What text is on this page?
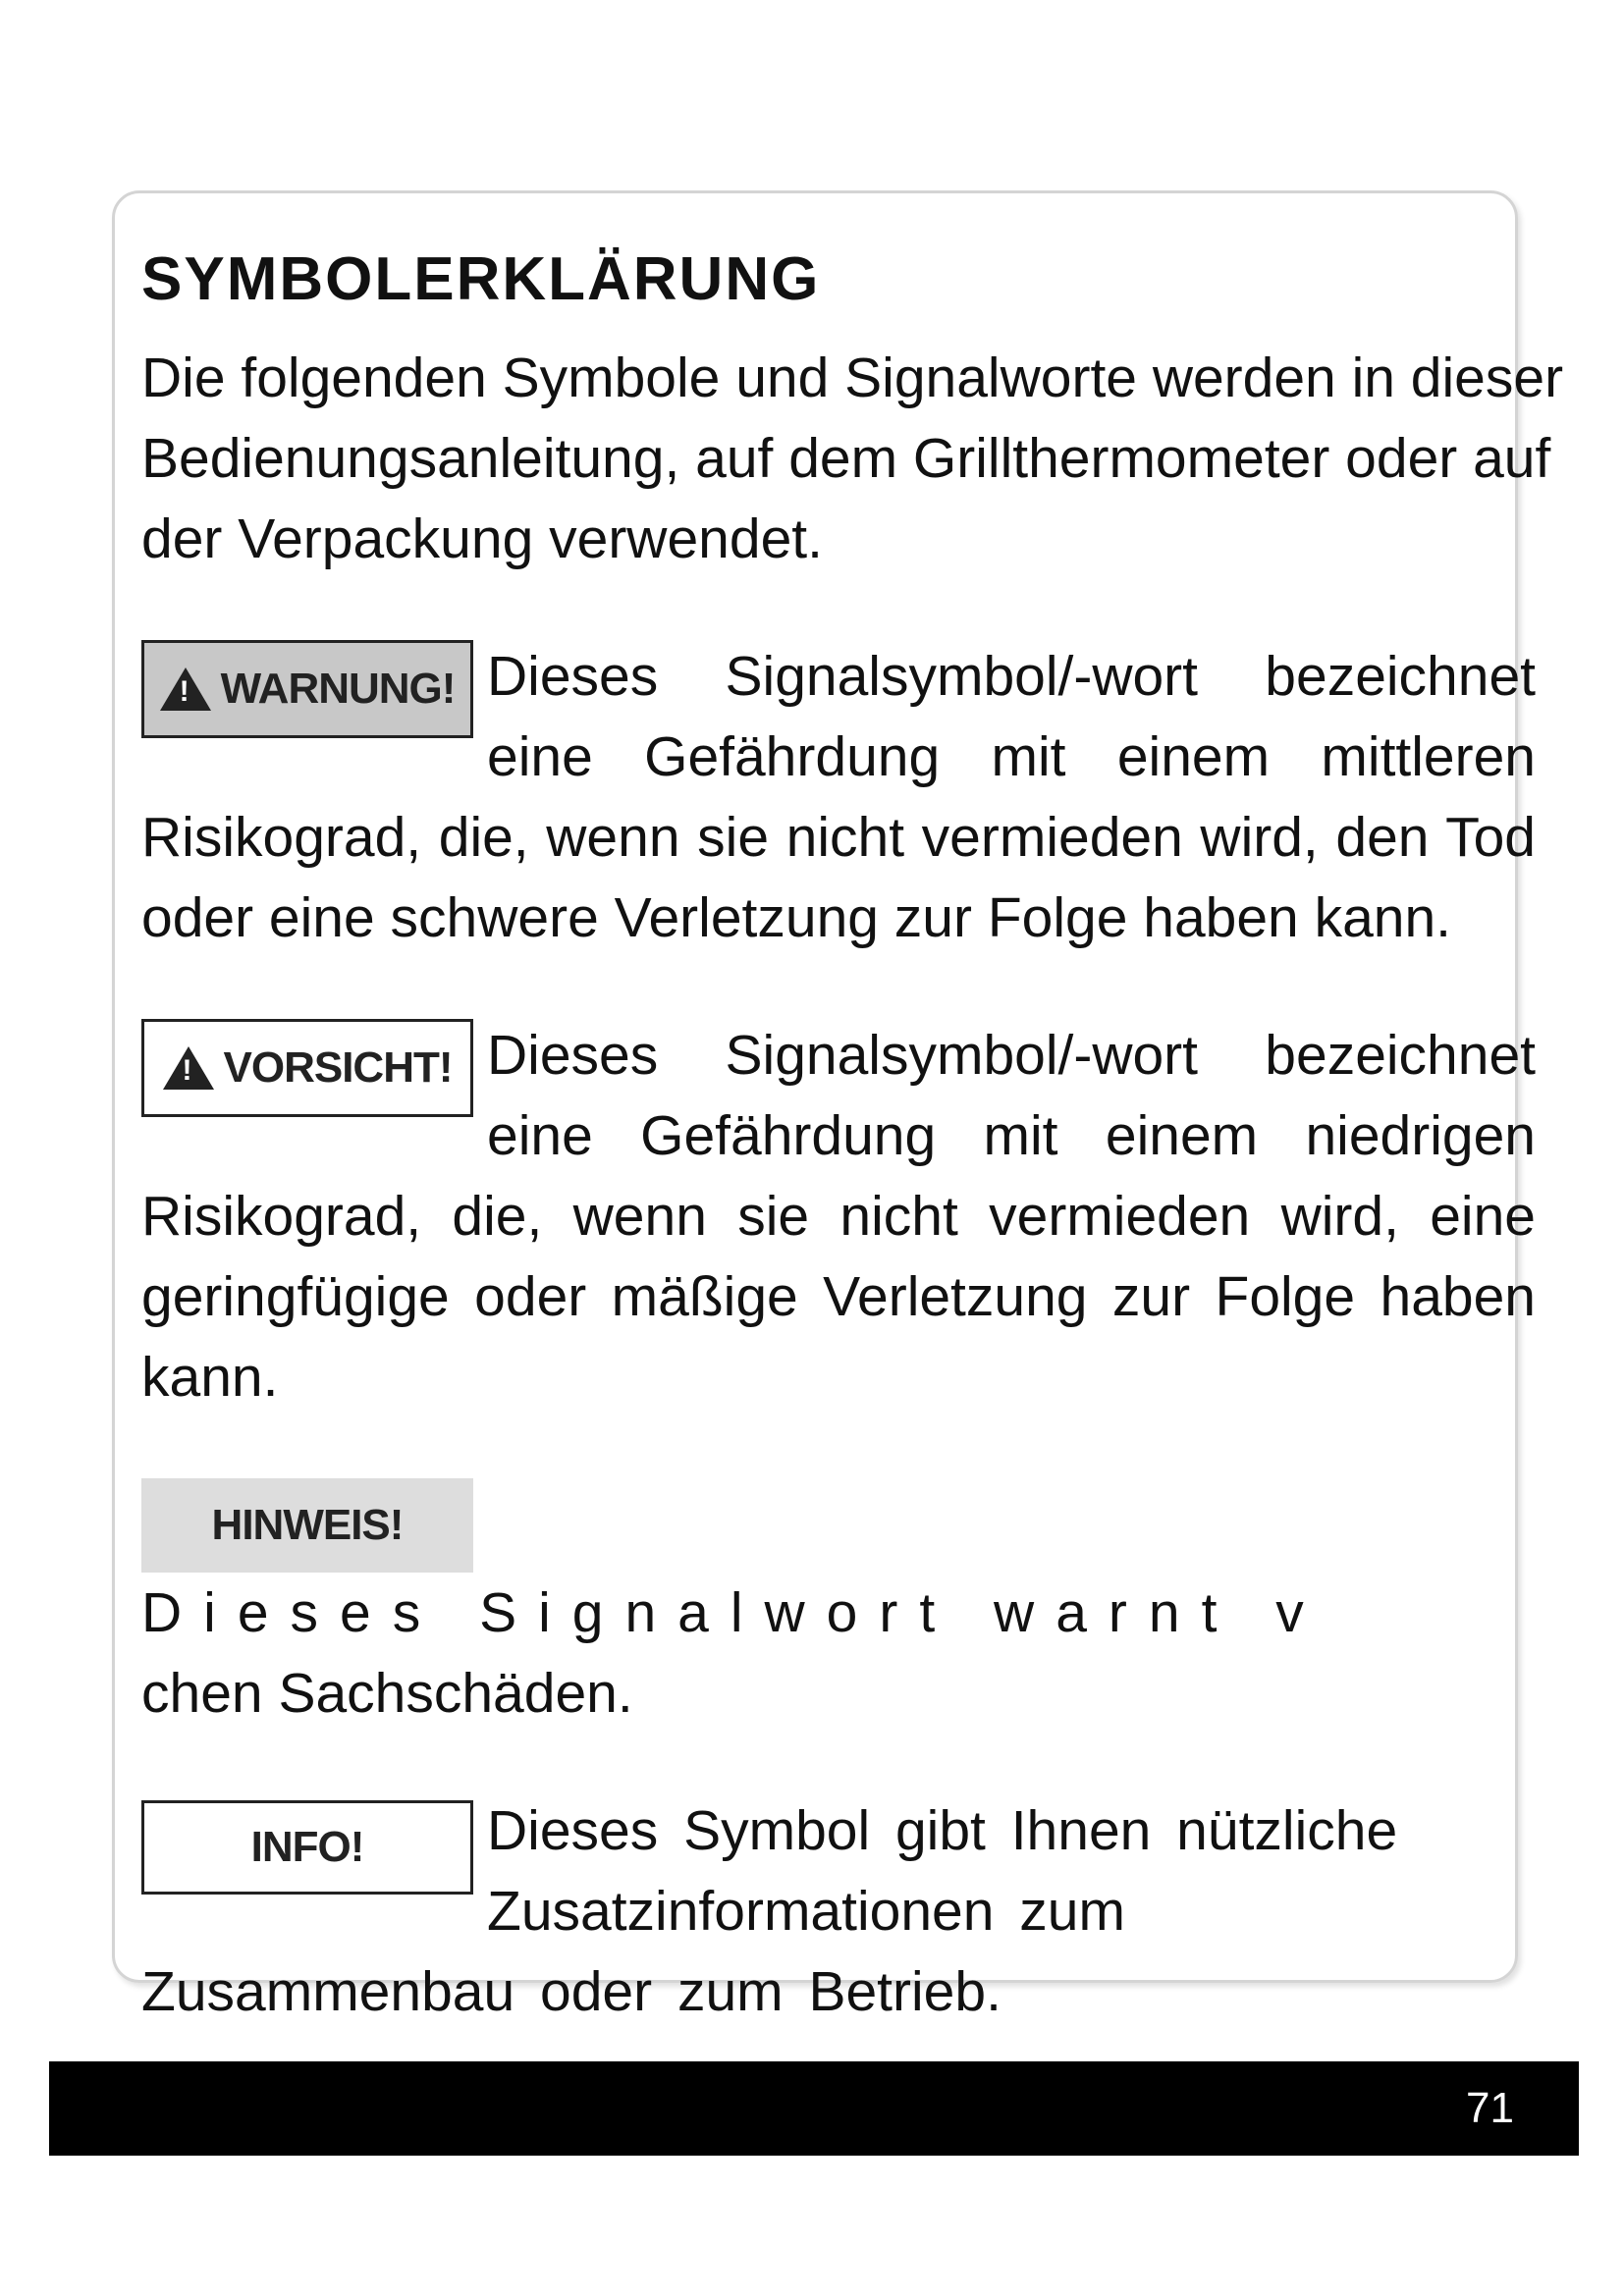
SYMBOLERKLÄRUNG

Die folgenden Symbole und Signalworte werden in dieser Bedienungsanleitung, auf dem Grillthermometer oder auf der Verpackung verwendet.

!
WARNUNG! Dieses Signalsymbol/-wort bezeichnet eine Gefährdung mit einem mittleren Risikograd, die, wenn sie nicht vermieden wird, den Tod oder eine schwere Verletzung zur Folge haben kann.

!
VORSICHT! Dieses Signalsymbol/-wort bezeichnet eine Gefährdung mit einem niedrigen Risikograd, die, wenn sie nicht vermieden wird, eine geringfügige oder mäßige Verletzung zur Folge haben kann.

HINWEIS!

Dieses Signalwort warnt v

chen Sachschäden.

INFO!	Dieses Symbol gibt Ihnen nützliche Zusatzinformationen zum Zusammenbau oder zum Betrieb.

71
